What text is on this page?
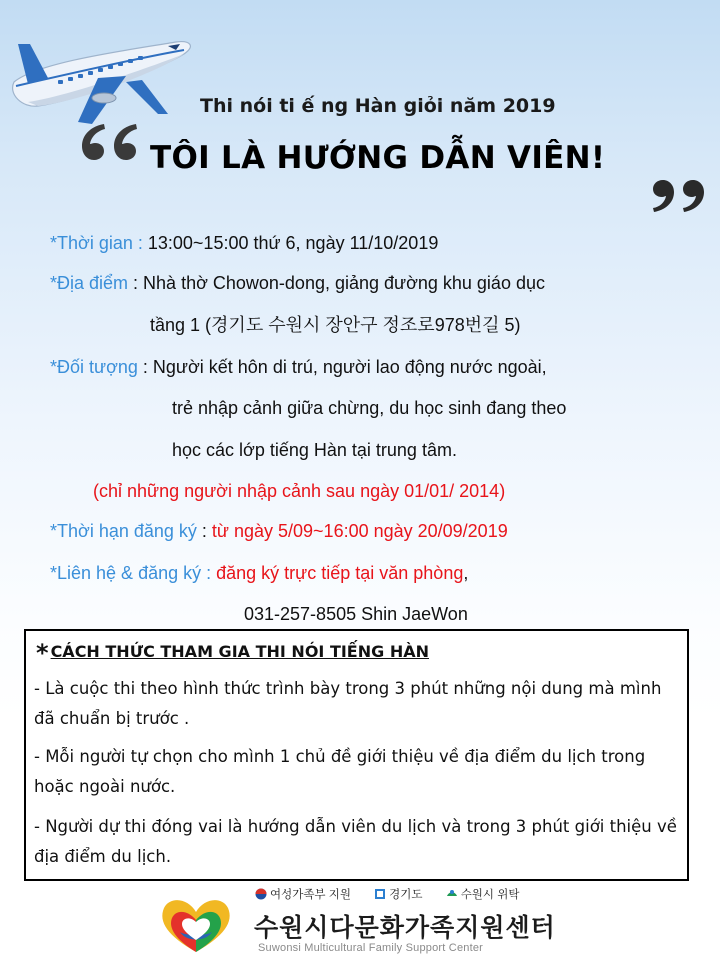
Thi nói ti ế ng Hàn giỏi năm 2019
TÔI LÀ HƯỚNG DẪN VIÊN!
*Thời gian : 13:00~15:00 thứ 6, ngày 11/10/2019
*Địa điểm : Nhà thờ Chowon-dong, giảng đường khu giáo dục
tầng 1 (경기도 수원시 장안구 정조로978번길 5)
*Đối tượng : Người kết hôn di trú, người lao động nước ngoài,
trẻ nhập cảnh giữa chừng, du học sinh đang theo
học các lớp tiếng Hàn tại trung tâm.
(chỉ những người nhập cảnh sau ngày 01/01/ 2014)
*Thời hạn đăng ký : từ ngày 5/09~16:00 ngày 20/09/2019
*Liên hệ & đăng ký : đăng ký trực tiếp tại văn phòng,
031-257-8505 Shin JaeWon
* CÁCH THỨC THAM GIA THI NÓI TIẾNG HÀN
- Là cuộc thi theo hình thức trình bày trong 3 phút những nội dung mà mình đã chuẩn bị trước .
- Mỗi người tự chọn cho mình 1 chủ đề giới thiệu về địa điểm du lịch trong hoặc ngoài nước.
- Người dự thi đóng vai là hướng dẫn viên du lịch và trong 3 phút giới thiệu về địa điểm du lịch.
여성가족부 지원	경기도	수원시 위탁
수원시다문화가족지원센터
Suwonsi Multicultural Family Support Center
